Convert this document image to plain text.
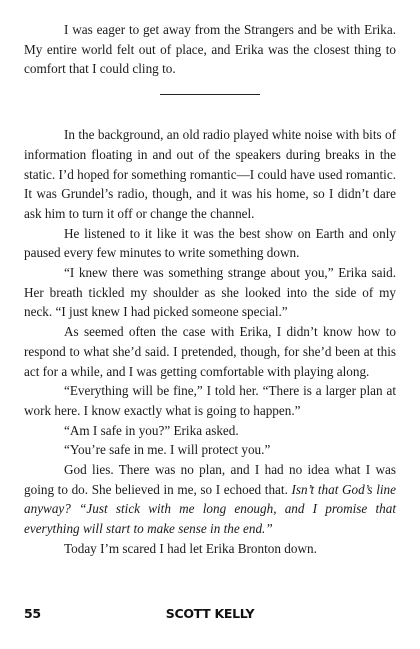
I was eager to get away from the Strangers and be with Erika. My entire world felt out of place, and Erika was the closest thing to comfort that I could cling to.

In the background, an old radio played white noise with bits of information floating in and out of the speakers during breaks in the static. I’d hoped for something romantic—I could have used romantic. It was Grundel’s radio, though, and it was his home, so I didn’t dare ask him to turn it off or change the channel.

He listened to it like it was the best show on Earth and only paused every few minutes to write something down.

“I knew there was something strange about you,” Erika said. Her breath tickled my shoulder as she looked into the side of my neck. “I just knew I had picked someone special.”

As seemed often the case with Erika, I didn’t know how to respond to what she’d said. I pretended, though, for she’d been at this act for a while, and I was getting comfortable with playing along.

“Everything will be fine,” I told her. “There is a larger plan at work here. I know exactly what is going to happen.”

“Am I safe in you?” Erika asked.

“You’re safe in me. I will protect you.”

God lies. There was no plan, and I had no idea what I was going to do. She believed in me, so I echoed that. Isn’t that God’s line anyway? “Just stick with me long enough, and I promise that everything will start to make sense in the end.”

Today I’m scared I had let Erika Bronton down.

55	SCOTT KELLY
